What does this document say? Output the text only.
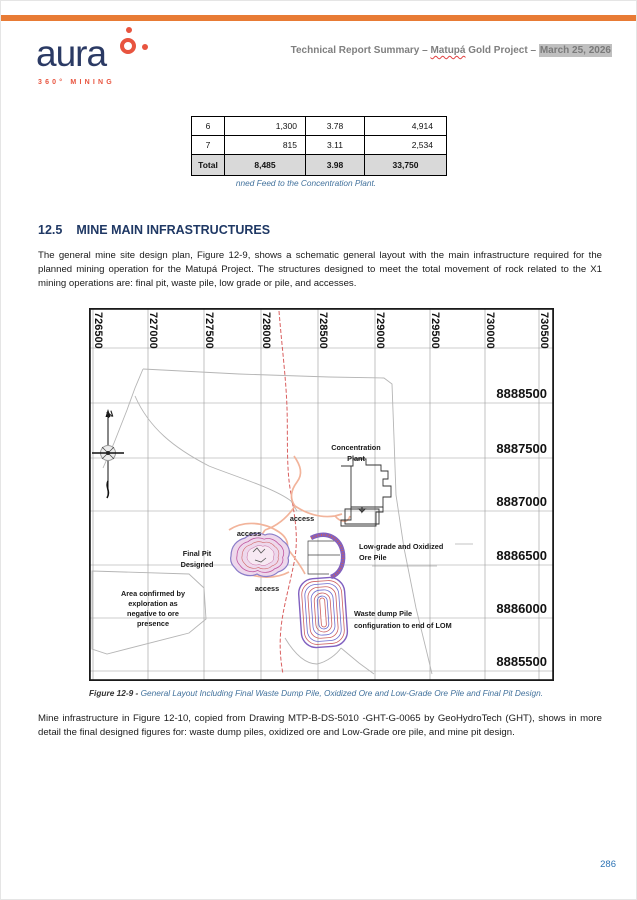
aura
360° MINING
Technical Report Summary – Matupá Gold Project – March 25, 2026
6	1,300	3.78	4,914
7	815	3.11	2,534
Total	8,485	3.98	33,750
nned Feed to the Concentration Plant.
12.5 MINE MAIN INFRASTRUCTURES
The general mine site design plan, Figure 12-9, shows a schematic general layout with the main infrastructure required for the planned mining operation for the Matupá Project. The structures designed to meet the total movement of rock related to the X1 mining operations are: final pit, waste pile, low grade or pile, and accesses.
N
726500	727000	727500	728000	728500	729000	729500	730000	730500
8888500
8887500
8887000
8886500
8886000
8885500
Concentration
Plant
access
access
access
Final Pit
Designed
Low-grade and Oxidized
Ore Pile
Area confirmed by
exploration as
negative to ore
presence
Waste dump Pile
configuration to end of LOM
Figure 12-9 - General Layout Including Final Waste Dump Pile, Oxidized Ore and Low-Grade Ore Pile and Final Pit Design.
Mine infrastructure in Figure 12-10, copied from Drawing MTP-B-DS-5010 -GHT-G-0065 by GeoHydroTech (GHT), shows in more detail the final designed figures for: waste dump piles, oxidized ore and Low-Grade ore pile, and mine pit design.
286
